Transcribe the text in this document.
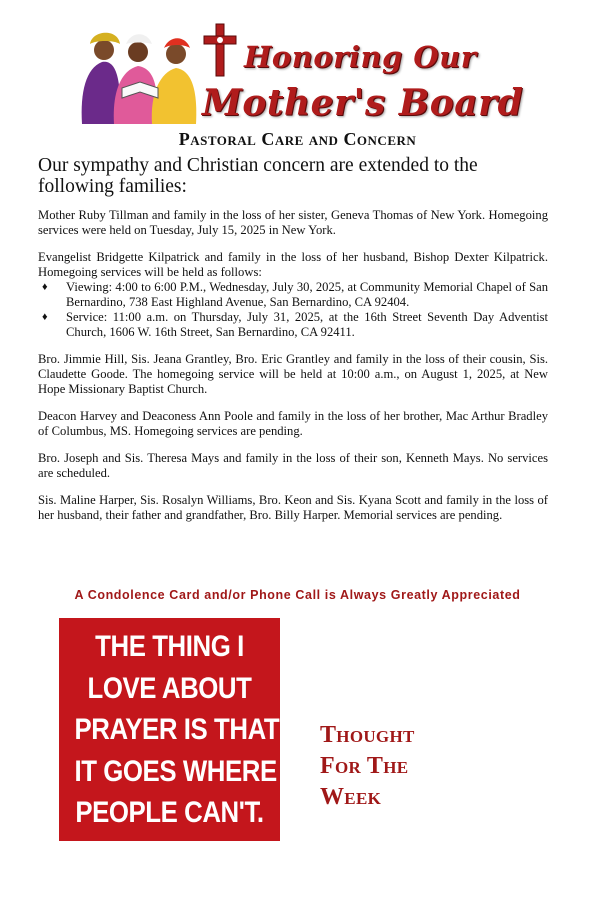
Honoring Our
Mother's Board
Pastoral Care and Concern
Our sympathy and Christian concern are extended to the following families:

Mother Ruby Tillman and family in the loss of her sister, Geneva Thomas of New York. Homegoing services were held on Tuesday, July 15, 2025 in New York.

Evangelist Bridgette Kilpatrick and family in the loss of her husband, Bishop Dexter Kilpatrick. Homegoing services will be held as follows:

♦ Viewing: 4:00 to 6:00 P.M., Wednesday, July 30, 2025, at Community Memorial Chapel of San Bernardino, 738 East Highland Avenue, San Bernardino, CA 92404.
♦ Service: 11:00 a.m. on Thursday, July 31, 2025, at the 16th Street Seventh Day Adventist Church, 1606 W. 16th Street, San Bernardino, CA 92411.

Bro. Jimmie Hill, Sis. Jeana Grantley, Bro. Eric Grantley and family in the loss of their cousin, Sis. Claudette Goode. The homegoing service will be held at 10:00 a.m., on August 1, 2025, at New Hope Missionary Baptist Church.

Deacon Harvey and Deaconess Ann Poole and family in the loss of her brother, Mac Arthur Bradley of Columbus, MS. Homegoing services are pending.

Bro. Joseph and Sis. Theresa Mays and family in the loss of their son, Kenneth Mays. No services are scheduled.

Sis. Maline Harper, Sis. Rosalyn Williams, Bro. Keon and Sis. Kyana Scott and family in the loss of her husband, their father and grandfather, Bro. Billy Harper. Memorial services are pending.

A Condolence Card and/or Phone Call is Always Greatly Appreciated
THE THING I
LOVE ABOUT
PRAYER IS THAT
IT GOES WHERE
PEOPLE CAN'T.
Thought
For The
Week
